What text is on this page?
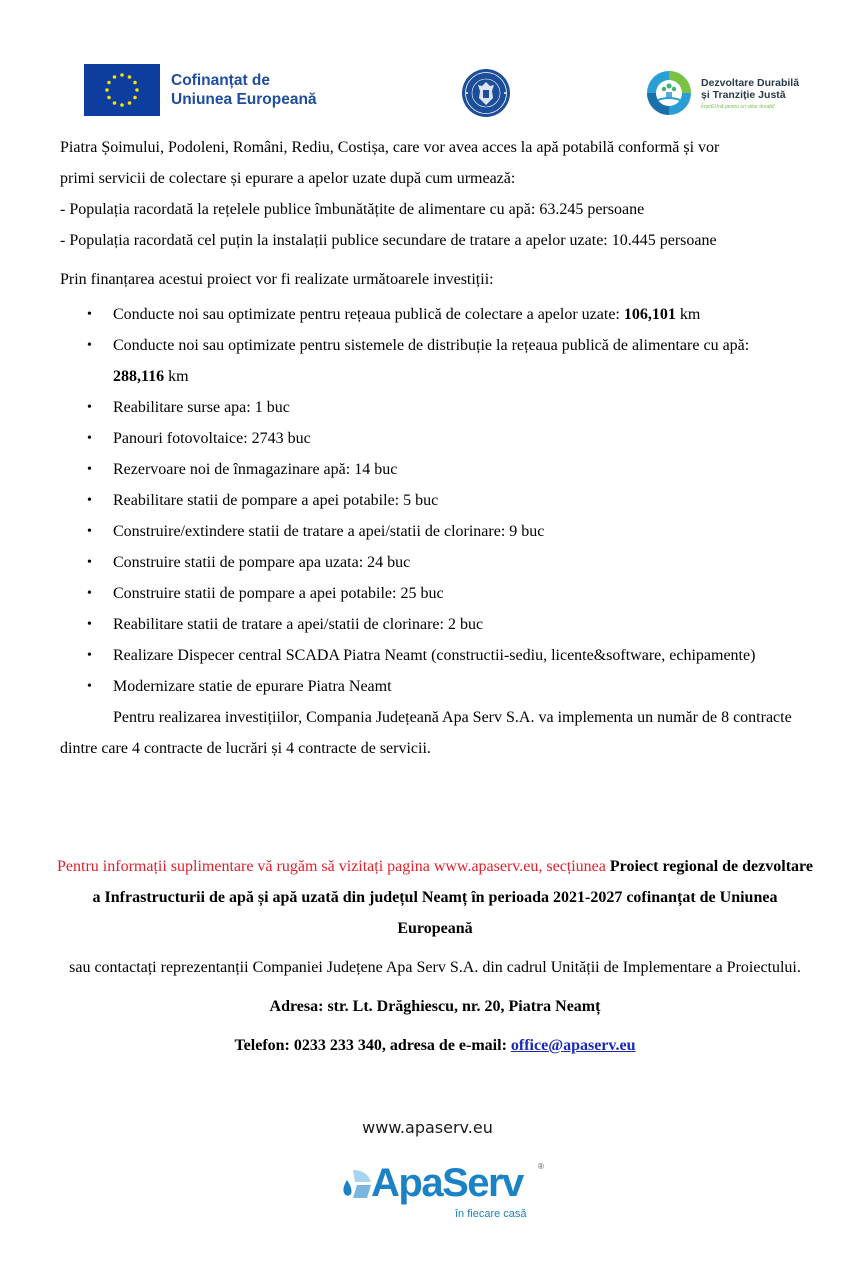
Cofinanțat de
Uniunea Europeană
Dezvoltare Durabilă
și Tranziție Justă
ÎmprEUnă pentru un viitor durabil

Piatra Șoimului, Podoleni, Români, Rediu, Costișa, care vor avea acces la apă potabilă conformă și vor

primi servicii de colectare și epurare a apelor uzate după cum urmează:

- Populația racordată la rețelele publice îmbunătățite de alimentare cu apă: 63.245 persoane

- Populația racordată cel puțin la instalații publice secundare de tratare a apelor uzate: 10.445 persoane

Prin finanțarea acestui proiect vor fi realizate următoarele investiții:

• Conducte noi sau optimizate pentru rețeaua publică de colectare a apelor uzate: 106,101 km
• Conducte noi sau optimizate pentru sistemele de distribuție la rețeaua publică de alimentare cu apă: 288,116 km
• Reabilitare surse apa: 1 buc
• Panouri fotovoltaice: 2743 buc
• Rezervoare noi de înmagazinare apă: 14 buc
• Reabilitare statii de pompare a apei potabile: 5 buc
• Construire/extindere statii de tratare a apei/statii de clorinare: 9 buc
• Construire statii de pompare apa uzata: 24 buc
• Construire statii de pompare a apei potabile: 25 buc
• Reabilitare statii de tratare a apei/statii de clorinare: 2 buc
• Realizare Dispecer central SCADA Piatra Neamt (constructii-sediu, licente&software, echipamente)
• Modernizare statie de epurare Piatra Neamt

Pentru realizarea investițiilor, Compania Județeană Apa Serv S.A. va implementa un număr de 8 contracte dintre care 4 contracte de lucrări și 4 contracte de servicii.

Pentru informații suplimentare vă rugăm să vizitați pagina www.apaserv.eu, secțiunea Proiect regional de dezvoltare a Infrastructurii de apă și apă uzată din județul Neamț în perioada 2021-2027 cofinanțat de Uniunea Europeană

sau contactați reprezentanții Companiei Județene Apa Serv S.A. din cadrul Unității de Implementare a Proiectului.

Adresa: str. Lt. Drăghiescu, nr. 20, Piatra Neamț

Telefon: 0233 233 340, adresa de e-mail: office@apaserv.eu

www.apaserv.eu
ApaServ ®
în fiecare casă
